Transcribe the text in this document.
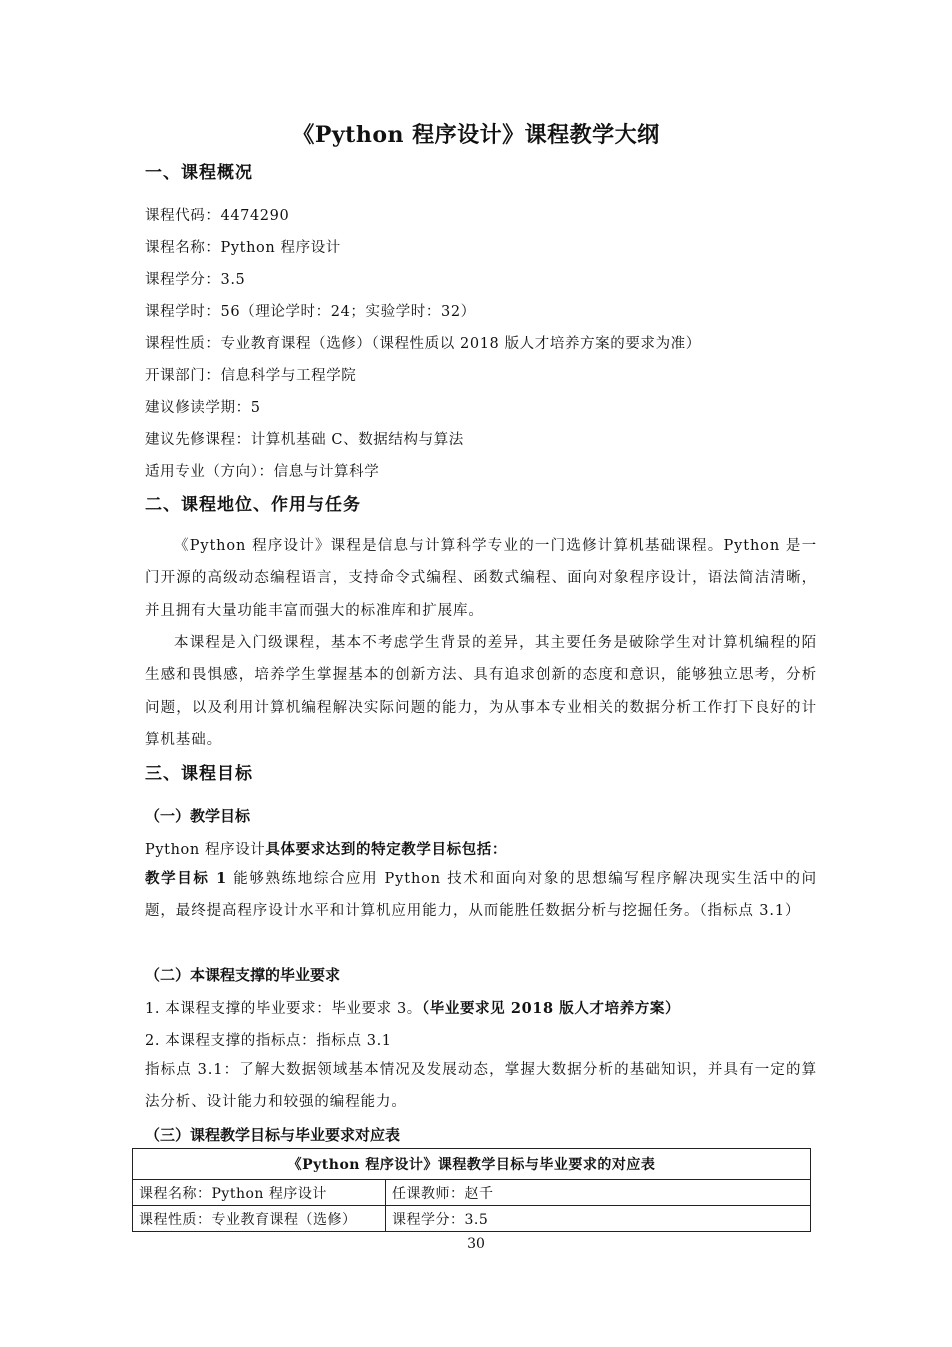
《Python 程序设计》课程教学大纲
一、课程概况
课程代码：4474290
课程名称：Python 程序设计
课程学分：3.5
课程学时：56（理论学时：24；实验学时：32）
课程性质：专业教育课程（选修）（课程性质以 2018 版人才培养方案的要求为准）
开课部门：信息科学与工程学院
建议修读学期：5
建议先修课程：计算机基础 C、数据结构与算法
适用专业（方向）：信息与计算科学
二、课程地位、作用与任务
《Python 程序设计》课程是信息与计算科学专业的一门选修计算机基础课程。Python 是一门开源的高级动态编程语言，支持命令式编程、函数式编程、面向对象程序设计，语法简洁清晰，并且拥有大量功能丰富而强大的标准库和扩展库。
本课程是入门级课程，基本不考虑学生背景的差异，其主要任务是破除学生对计算机编程的陌生感和畏惧感，培养学生掌握基本的创新方法、具有追求创新的态度和意识，能够独立思考，分析问题，以及利用计算机编程解决实际问题的能力，为从事本专业相关的数据分析工作打下良好的计算机基础。
三、课程目标
（一）教学目标
Python 程序设计具体要求达到的特定教学目标包括：
教学目标 1 能够熟练地综合应用 Python 技术和面向对象的思想编写程序解决现实生活中的问题，最终提高程序设计水平和计算机应用能力，从而能胜任数据分析与挖掘任务。（指标点 3.1）
（二）本课程支撑的毕业要求
1. 本课程支撑的毕业要求：毕业要求 3。（毕业要求见 2018 版人才培养方案）
2. 本课程支撑的指标点：指标点 3.1
指标点 3.1：了解大数据领域基本情况及发展动态，掌握大数据分析的基础知识，并具有一定的算法分析、设计能力和较强的编程能力。
（三）课程教学目标与毕业要求对应表
《Python 程序设计》课程教学目标与毕业要求的对应表	
课程名称：Python 程序设计	任课教师：赵千
课程性质：专业教育课程（选修）	课程学分：3.5
30
